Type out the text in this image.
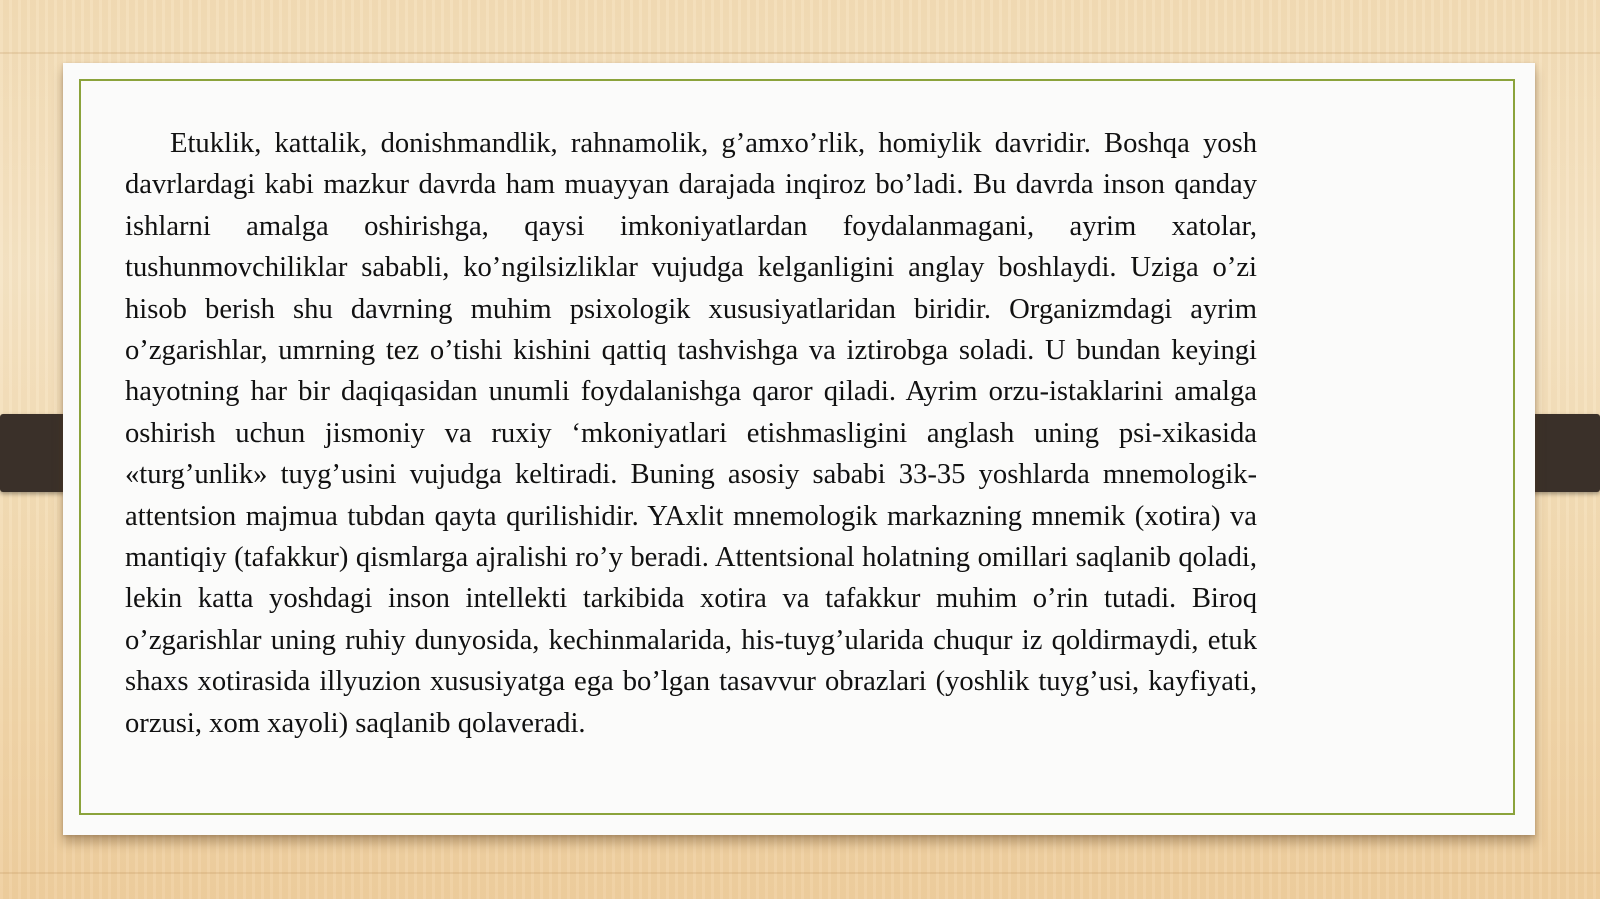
Etuklik, kattalik, donishmandlik, rahnamolik, g’amxo’rlik, homiylik davridir. Boshqa yosh davrlardagi kabi mazkur davrda ham muayyan darajada inqiroz bo’ladi. Bu davrda inson qanday ishlarni amalga oshirishga, qaysi imkoniyatlardan foydalanmagani, ayrim xatolar, tushunmovchiliklar sababli, ko’ngilsizliklar vujudga kelganligini anglay boshlaydi. Uziga o’zi hisob berish shu davrning muhim psixologik xususiyatlaridan biridir. Organizmdagi ayrim o’zgarishlar, umrning tez o’tishi kishini qattiq tashvishga va iztirobga soladi. U bundan keyingi hayotning har bir daqiqasidan unumli foydalanishga qaror qiladi. Ayrim orzu-istaklarini amalga oshirish uchun jismoniy va ruxiy ‘mkoniyatlari etishmasligini anglash uning psi-xikasida «turg’unlik» tuyg’usini vujudga keltiradi. Buning asosiy sababi 33-35 yoshlarda mnemologik-attentsion majmua tubdan qayta qurilishidir. YAxlit mnemologik markazning mnemik (xotira) va mantiqiy (tafakkur) qismlarga ajralishi ro’y beradi. Attentsional holatning omillari saqlanib qoladi, lekin katta yoshdagi inson intellekti tarkibida xotira va tafakkur muhim o’rin tutadi. Biroq o’zgarishlar uning ruhiy dunyosida, kechinmalarida, his-tuyg’ularida chuqur iz qoldirmaydi, etuk shaxs xotirasida illyuzion xususiyatga ega bo’lgan tasavvur obrazlari (yoshlik tuyg’usi, kayfiyati, orzusi, xom xayoli) saqlanib qolaveradi.
